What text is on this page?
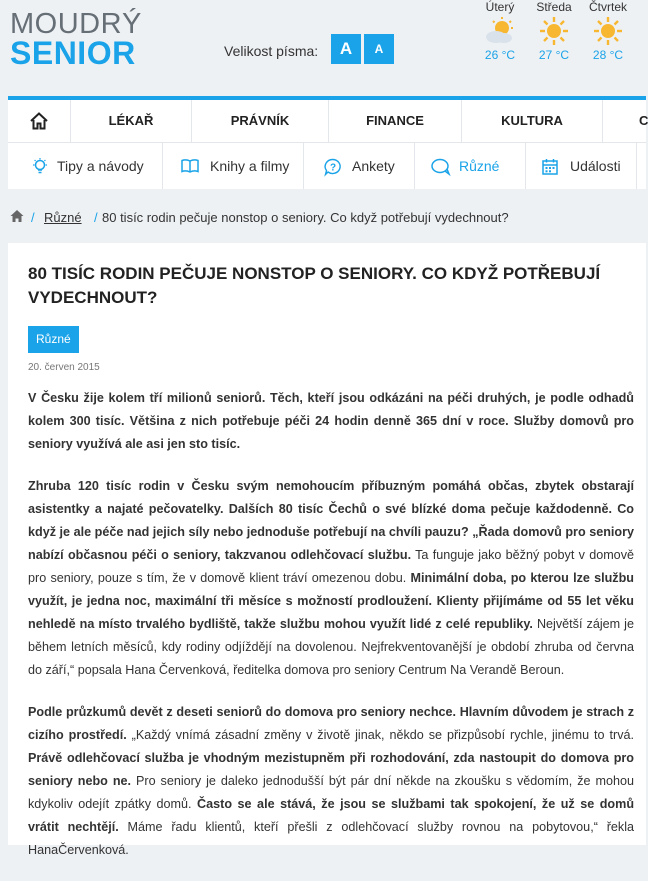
MOUDRÝ
SENIOR	Velikost písma:	A	A
Úterý
26 °C
Středa
27 °C
Čtvrtek
28 °C
LÉKAŘ	PRÁVNÍK	FINANCE	KULTURA	C
Tipy a návody	Knihy a filmy	? Ankety	Různé	Události
/ Různé / 80 tisíc rodin pečuje nonstop o seniory. Co když potřebují vydechnout?
80 TISÍC RODIN PEČUJE NONSTOP O SENIORY. CO KDYŽ POTŘEBUJÍ VYDECHNOUT?
Různé
20. červen 2015

V Česku žije kolem tří milionů seniorů. Těch, kteří jsou odkázáni na péči druhých, je podle odhadů kolem 300 tisíc. Většina z nich potřebuje péči 24 hodin denně 365 dní v roce. Služby domovů pro seniory využívá ale asi jen sto tisíc.

Zhruba 120 tisíc rodin v Česku svým nemohoucím příbuzným pomáhá občas, zbytek obstarají asistentky a najaté pečovatelky. Dalších 80 tisíc Čechů o své blízké doma pečuje každodenně. Co když je ale péče nad jejich síly nebo jednoduše potřebují na chvíli pauzu? „Řada domovů pro seniory nabízí občasnou péči o seniory, takzvanou odlehčovací službu. Ta funguje jako běžný pobyt v domově pro seniory, pouze s tím, že v domově klient tráví omezenou dobu. Minimální doba, po kterou lze službu využít, je jedna noc, maximální tři měsíce s možností prodloužení. Klienty přijímáme od 55 let věku nehledě na místo trvalého bydliště, takže službu mohou využít lidé z celé republiky. Největší zájem je během letních měsíců, kdy rodiny odjíždějí na dovolenou. Nejfrekventovanější je období zhruba od června do září,“ popsala Hana Červenková, ředitelka domova pro seniory Centrum Na Verandě Beroun.

Podle průzkumů devět z deseti seniorů do domova pro seniory nechce. Hlavním důvodem je strach z cizího prostředí. „Každý vnímá zásadní změny v životě jinak, někdo se přizpůsobí rychle, jinému to trvá. Právě odlehčovací služba je vhodným mezistupněm při rozhodování, zda nastoupit do domova pro seniory nebo ne. Pro seniory je daleko jednodušší být pár dní někde na zkoušku s vědomím, že mohou kdykoliv odejít zpátky domů. Často se ale stává, že jsou se službami tak spokojení, že už se domů vrátit nechtějí. Máme řadu klientů, kteří přešli z odlehčovací služby rovnou na pobytovou,“ řekla HanaČervenková.
